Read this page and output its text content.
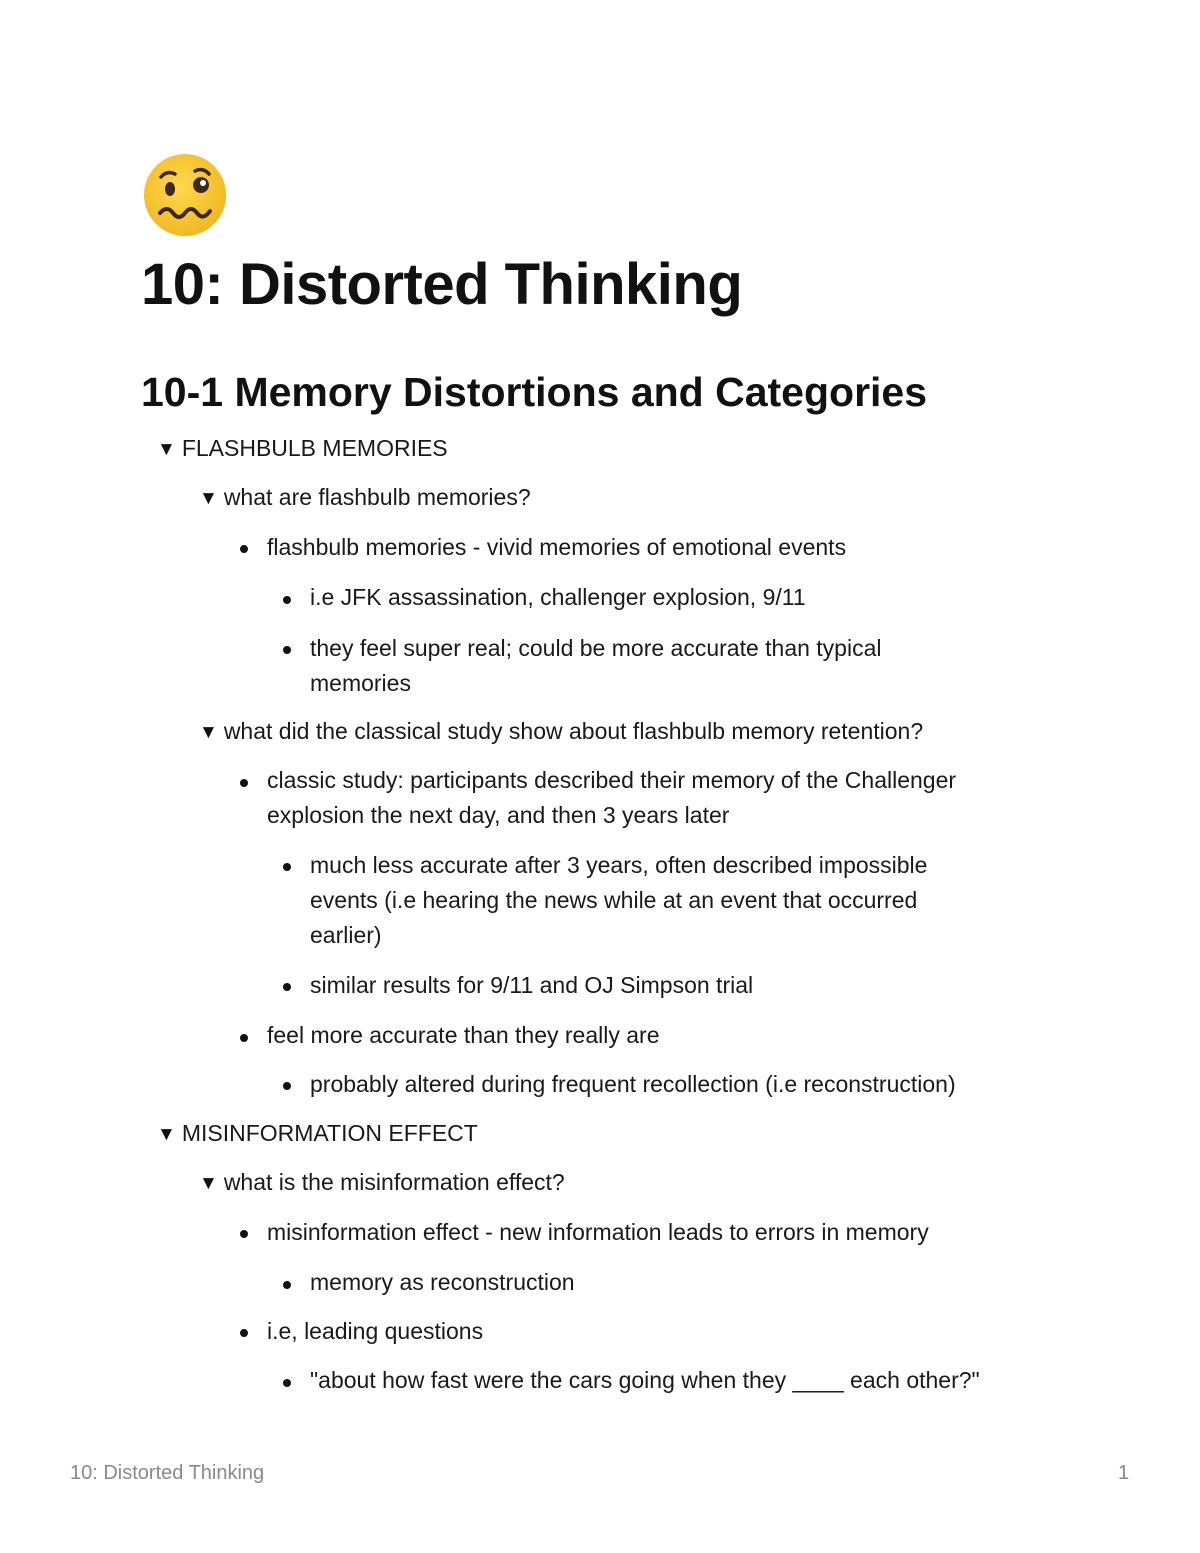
10: Distorted Thinking
10-1 Memory Distortions and Categories
▼ FLASHBULB MEMORIES
▼ what are flashbulb memories?
flashbulb memories - vivid memories of emotional events
i.e JFK assassination, challenger explosion, 9/11
they feel super real; could be more accurate than typical
memories
▼ what did the classical study show about flashbulb memory retention?
classic study: participants described their memory of the Challenger
explosion the next day, and then 3 years later
much less accurate after 3 years, often described impossible
events (i.e hearing the news while at an event that occurred
earlier)
similar results for 9/11 and OJ Simpson trial
feel more accurate than they really are
probably altered during frequent recollection (i.e reconstruction)
▼ MISINFORMATION EFFECT
▼ what is the misinformation effect?
misinformation effect - new information leads to errors in memory
memory as reconstruction
i.e, leading questions
"about how fast were the cars going when they ____ each other?"
10: Distorted Thinking	1
